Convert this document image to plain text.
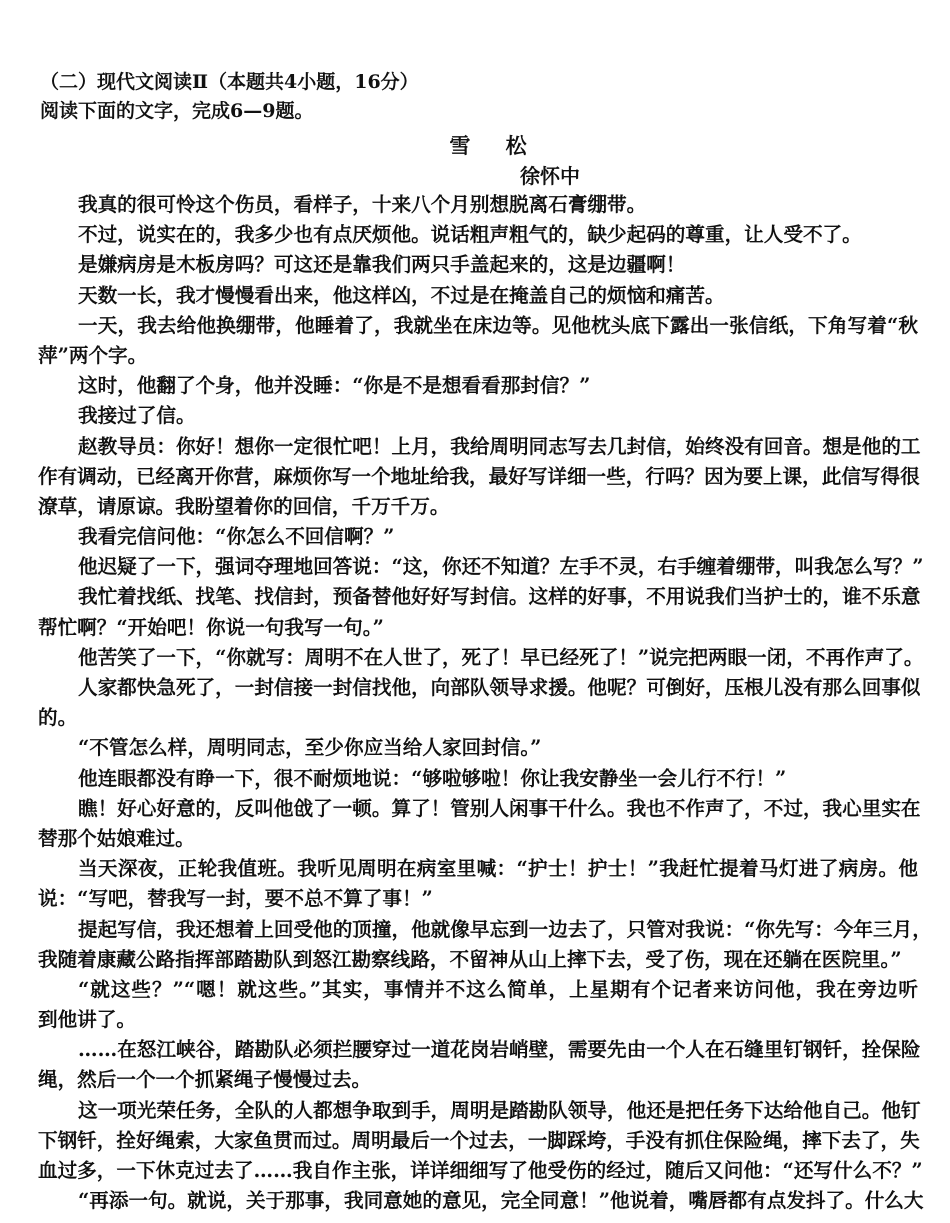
（二）现代文阅读Ⅱ（本题共4小题，16分）
阅读下面的文字，完成6—9题。
雪 松
徐怀中
我真的很可怜这个伤员，看样子，十来八个月别想脱离石膏绷带。
不过，说实在的，我多少也有点厌烦他。说话粗声粗气的，缺少起码的尊重，让人受不了。
是嫌病房是木板房吗？可这还是靠我们两只手盖起来的，这是边疆啊！
天数一长，我才慢慢看出来，他这样凶，不过是在掩盖自己的烦恼和痛苦。
一天，我去给他换绷带，他睡着了，我就坐在床边等。见他枕头底下露出一张信纸，下角写着“秋
萍”两个字。
这时，他翻了个身，他并没睡：“你是不是想看看那封信？”
我接过了信。
赵教导员：你好！想你一定很忙吧！上月，我给周明同志写去几封信，始终没有回音。想是他的工
作有调动，已经离开你营，麻烦你写一个地址给我，最好写详细一些，行吗？因为要上课，此信写得很
潦草，请原谅。我盼望着你的回信，千万千万。
我看完信问他：“你怎么不回信啊？”
他迟疑了一下，强词夺理地回答说：“这，你还不知道？左手不灵，右手缠着绷带，叫我怎么写？”
我忙着找纸、找笔、找信封，预备替他好好写封信。这样的好事，不用说我们当护士的，谁不乐意
帮忙啊？“开始吧！你说一句我写一句。”
他苦笑了一下，“你就写：周明不在人世了，死了！早已经死了！”说完把两眼一闭，不再作声了。
人家都快急死了，一封信接一封信找他，向部队领导求援。他呢？可倒好，压根儿没有那么回事似
的。
“不管怎么样，周明同志，至少你应当给人家回封信。”
他连眼都没有睁一下，很不耐烦地说：“够啦够啦！你让我安静坐一会儿行不行！”
瞧！好心好意的，反叫他戗了一顿。算了！管别人闲事干什么。我也不作声了，不过，我心里实在
替那个姑娘难过。
当天深夜，正轮我值班。我听见周明在病室里喊：“护士！护士！”我赶忙提着马灯进了病房。他
说：“写吧，替我写一封，要不总不算了事！”
提起写信，我还想着上回受他的顶撞，他就像早忘到一边去了，只管对我说：“你先写：今年三月，
我随着康藏公路指挥部踏勘队到怒江勘察线路，不留神从山上摔下去，受了伤，现在还躺在医院里。”
“就这些？”“嗯！就这些。”其实，事情并不这么简单，上星期有个记者来访问他，我在旁边听
到他讲了。
……在怒江峡谷，踏勘队必须拦腰穿过一道花岗岩峭壁，需要先由一个人在石缝里钉钢钎，拴保险
绳，然后一个一个抓紧绳子慢慢过去。
这一项光荣任务，全队的人都想争取到手，周明是踏勘队领导，他还是把任务下达给他自己。他钉
下钢钎，拴好绳索，大家鱼贯而过。周明最后一个过去，一脚踩垮，手没有抓住保险绳，摔下去了，失
血过多，一下休克过去了……我自作主张，详详细细写了他受伤的经过，随后又问他：“还写什么不？”
“再添一句。就说，关于那事，我同意她的意见，完全同意！”他说着，嘴唇都有点发抖了。什么大
